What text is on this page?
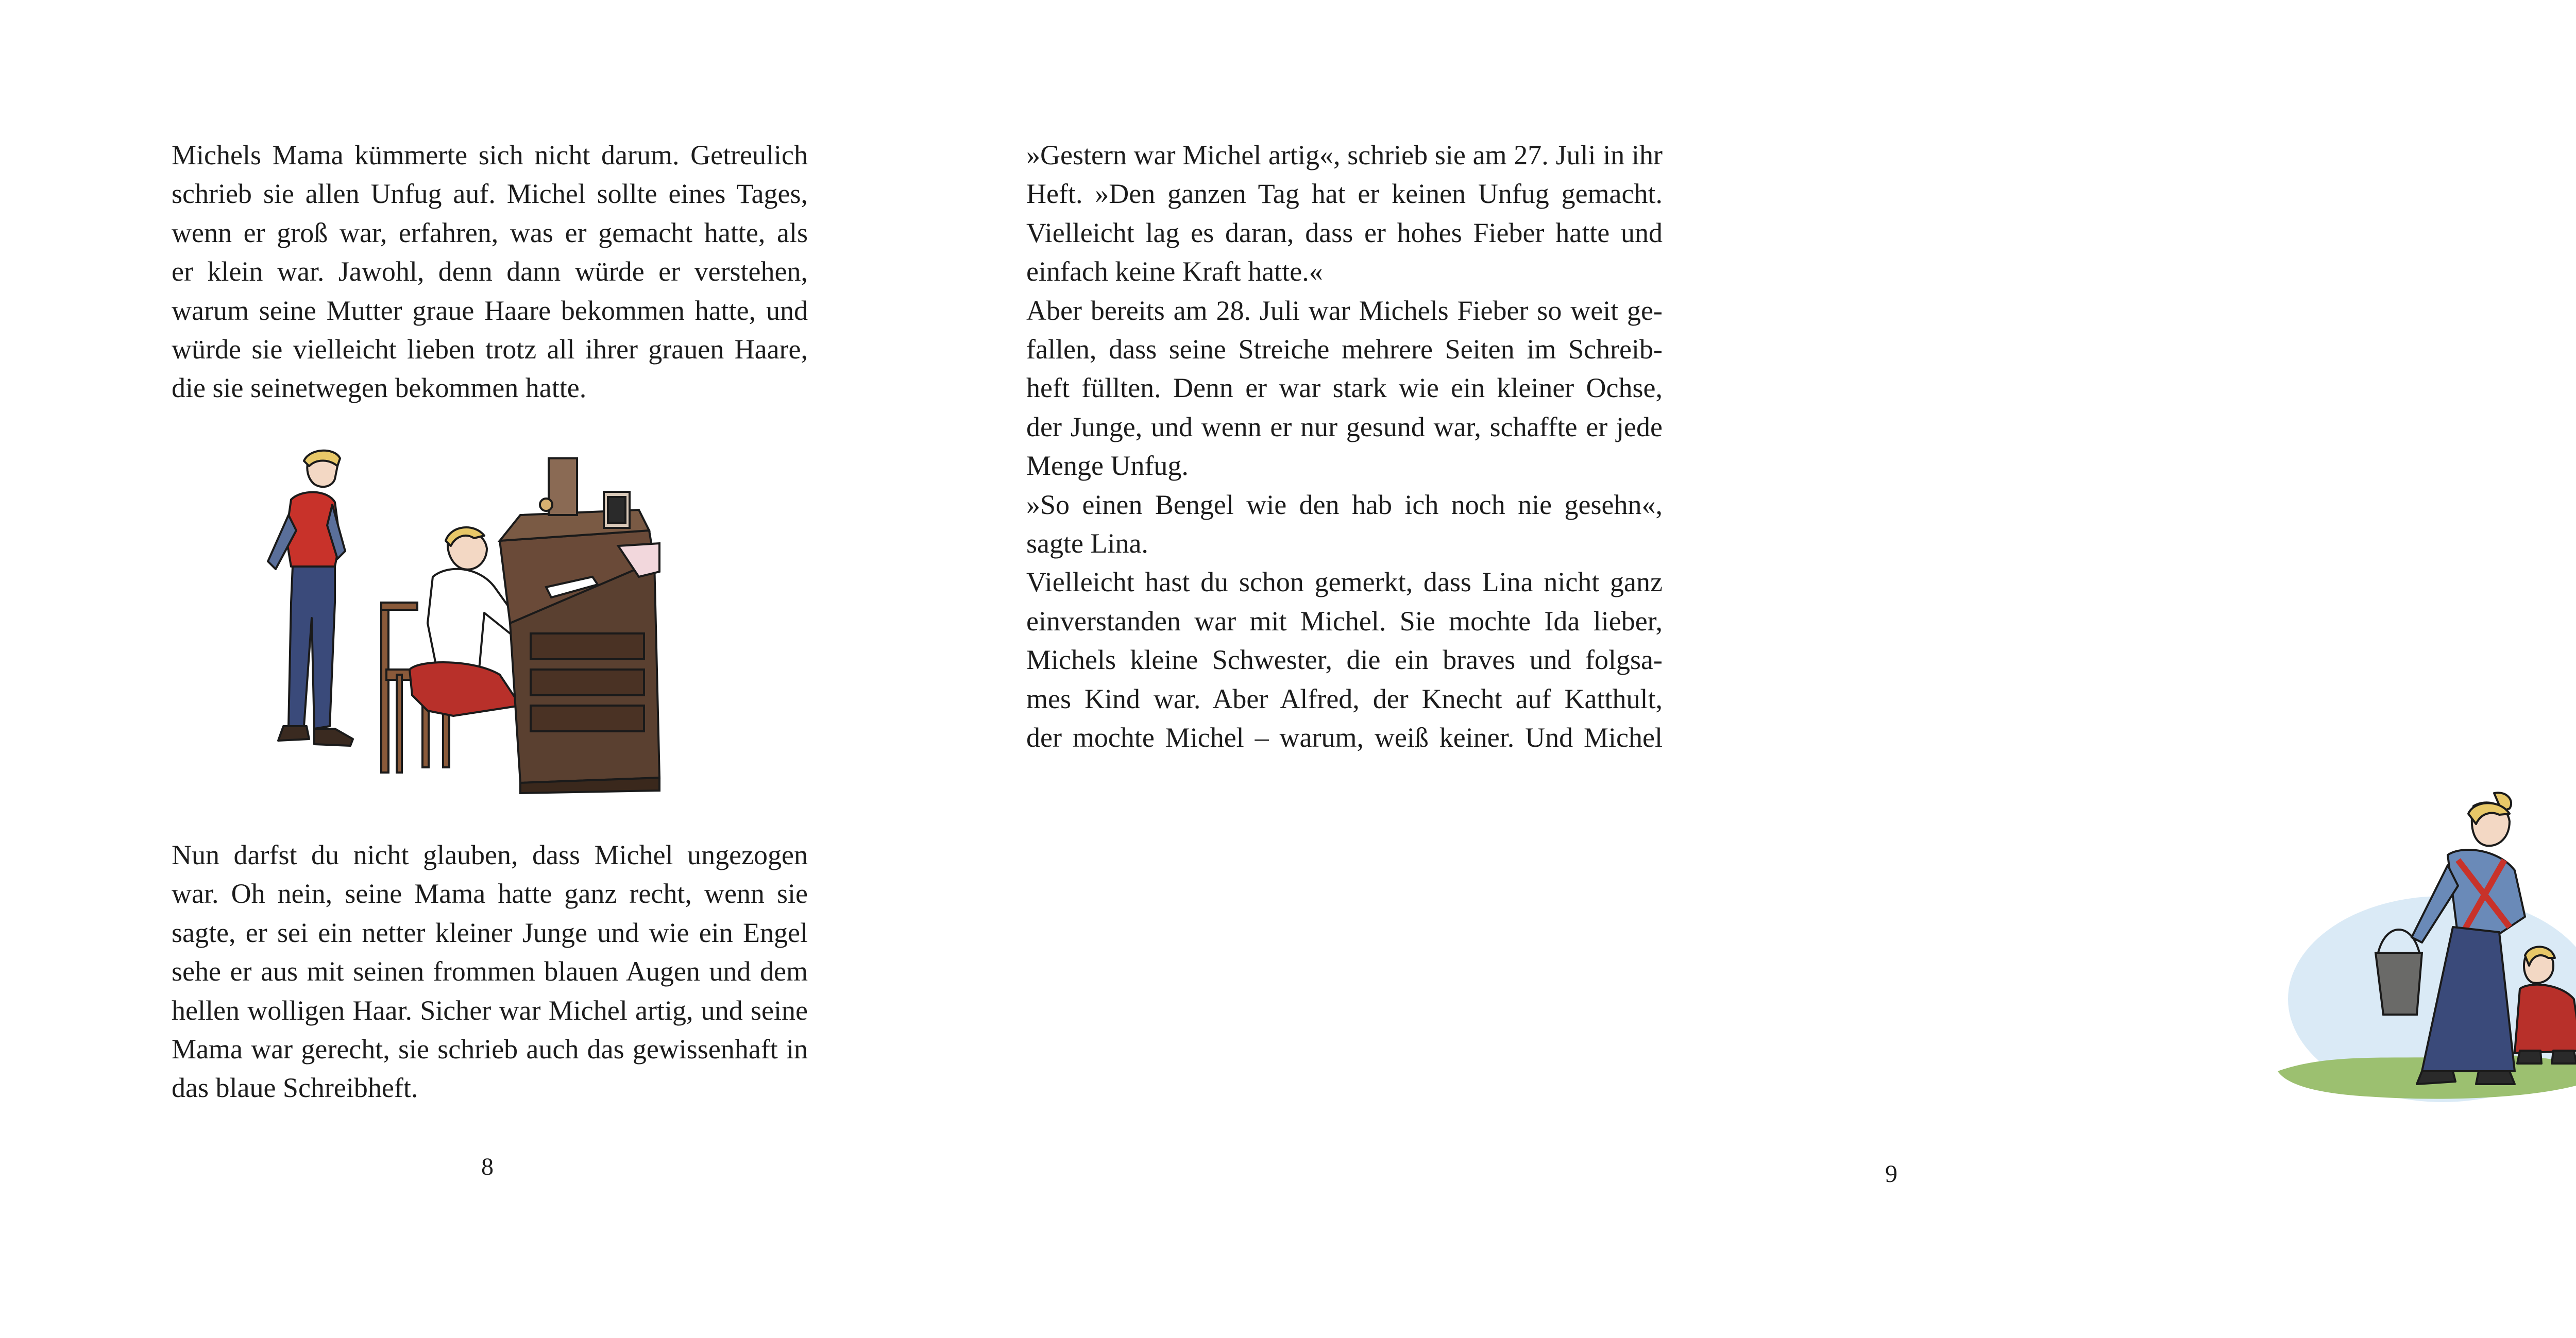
Michels Mama kümmerte sich nicht darum. Getreulich
schrieb sie allen Unfug auf. Michel sollte eines Tages,
wenn er groß war, erfahren, was er gemacht hatte, als
er klein war. Jawohl, denn dann würde er verstehen,
warum seine Mutter graue Haare bekommen hatte, und
würde sie vielleicht lieben trotz all ihrer grauen Haare,
die sie seinetwegen bekommen hatte.
Nun darfst du nicht glauben, dass Michel ungezogen
war. Oh nein, seine Mama hatte ganz recht, wenn sie
sagte, er sei ein netter kleiner Junge und wie ein Engel
sehe er aus mit seinen frommen blauen Augen und dem
hellen wolligen Haar. Sicher war Michel artig, und seine
Mama war gerecht, sie schrieb auch das gewissenhaft in
das blaue Schreibheft.
8
»Gestern war Michel artig«, schrieb sie am 27. Juli in ihr
Heft. »Den ganzen Tag hat er keinen Unfug gemacht.
Vielleicht lag es daran, dass er hohes Fieber hatte und
einfach keine Kraft hatte.«
Aber bereits am 28. Juli war Michels Fieber so weit ge-
fallen, dass seine Streiche mehrere Seiten im Schreib-
heft füllten. Denn er war stark wie ein kleiner Ochse,
der Junge, und wenn er nur gesund war, schaffte er jede
Menge Unfug.
»So einen Bengel wie den hab ich noch nie gesehn«,
sagte Lina.
Vielleicht hast du schon gemerkt, dass Lina nicht ganz
einverstanden war mit Michel. Sie mochte Ida lieber,
Michels kleine Schwester, die ein braves und folgsa-
mes Kind war. Aber Alfred, der Knecht auf Katthult,
der mochte Michel – warum, weiß keiner. Und Michel
9
